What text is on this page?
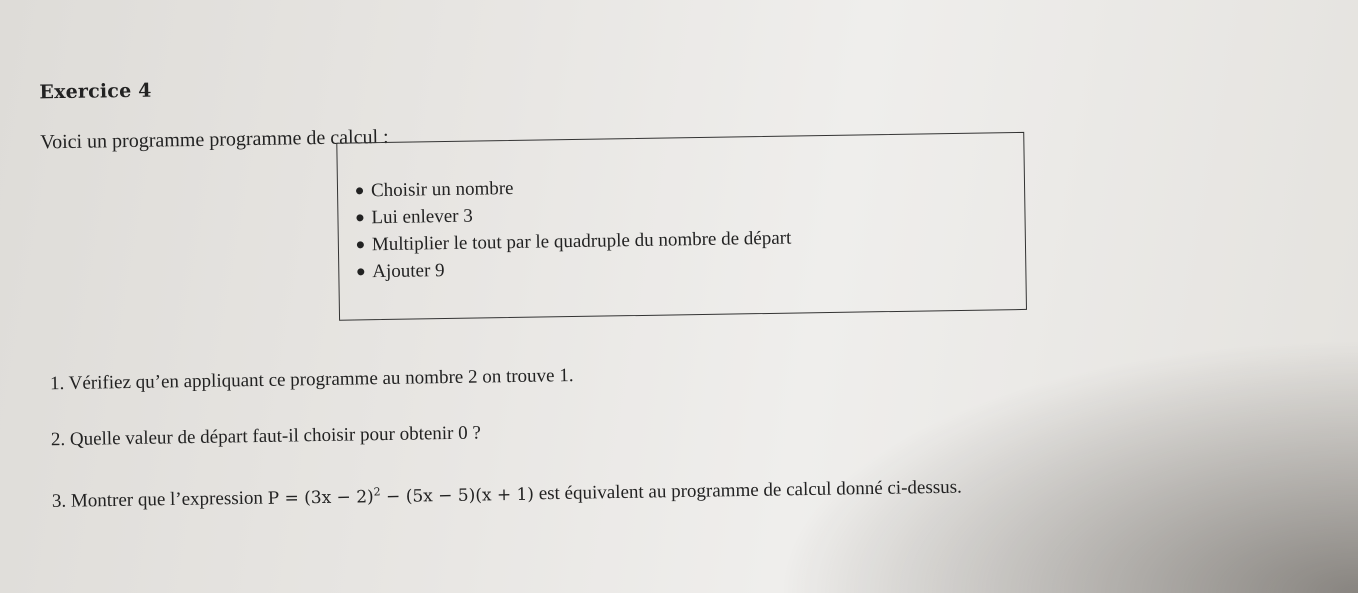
Exercice 4
Voici un programme programme de calcul :
Choisir un nombre
Lui enlever 3
Multiplier le tout par le quadruple du nombre de départ
Ajouter 9
1. Vérifiez qu’en appliquant ce programme au nombre 2 on trouve 1.
2. Quelle valeur de départ faut-il choisir pour obtenir 0 ?
3. Montrer que l’expression $P = (3x - 2)^2 - (5x - 5)(x + 1)$ est équivalent au programme de calcul donné ci-dessus.
